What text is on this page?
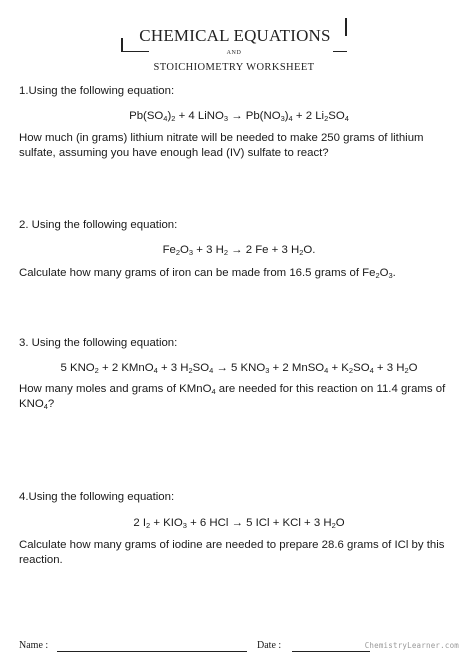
CHEMICAL EQUATIONS
AND
STOICHIOMETRY WORKSHEET

1.Using the following equation:

$Pb(SO_4)_2 + 4$ LiNO$_3$ → $Pb(NO_3)_4 + 2$ $Li_2SO_4$

How much (in grams) lithium nitrate will be needed to make 250 grams of lithium sulfate, assuming you have enough lead (IV) sulfate to react?

2. Using the following equation:

$Fe_2O_3 + 3$ $H_2 \to 2$ Fe + 3 $H_2O$.

Calculate how many grams of iron can be made from 16.5 grams of $Fe_2O_3$.

3. Using the following equation:

5 $KNO_2 + 2$ KMnO$_4$ + 3 $H_2SO_4 \to 5$ $KNO_3 + 2$ MnSO$_4$ + $K_2SO_4 + 3$ $H_2O$

How many moles and grams of KMnO$_4$ are needed for this reaction on 11.4 grams of $KNO_4$?

4.Using the following equation:

2 $I_2 + KIO_3 + 6$ HCl → 5 ICl + KCl + 3 $H_2O$

Calculate how many grams of iodine are needed to prepare 28.6 grams of ICl by this reaction.

Name :	Date :	ChemistryLearner.com
